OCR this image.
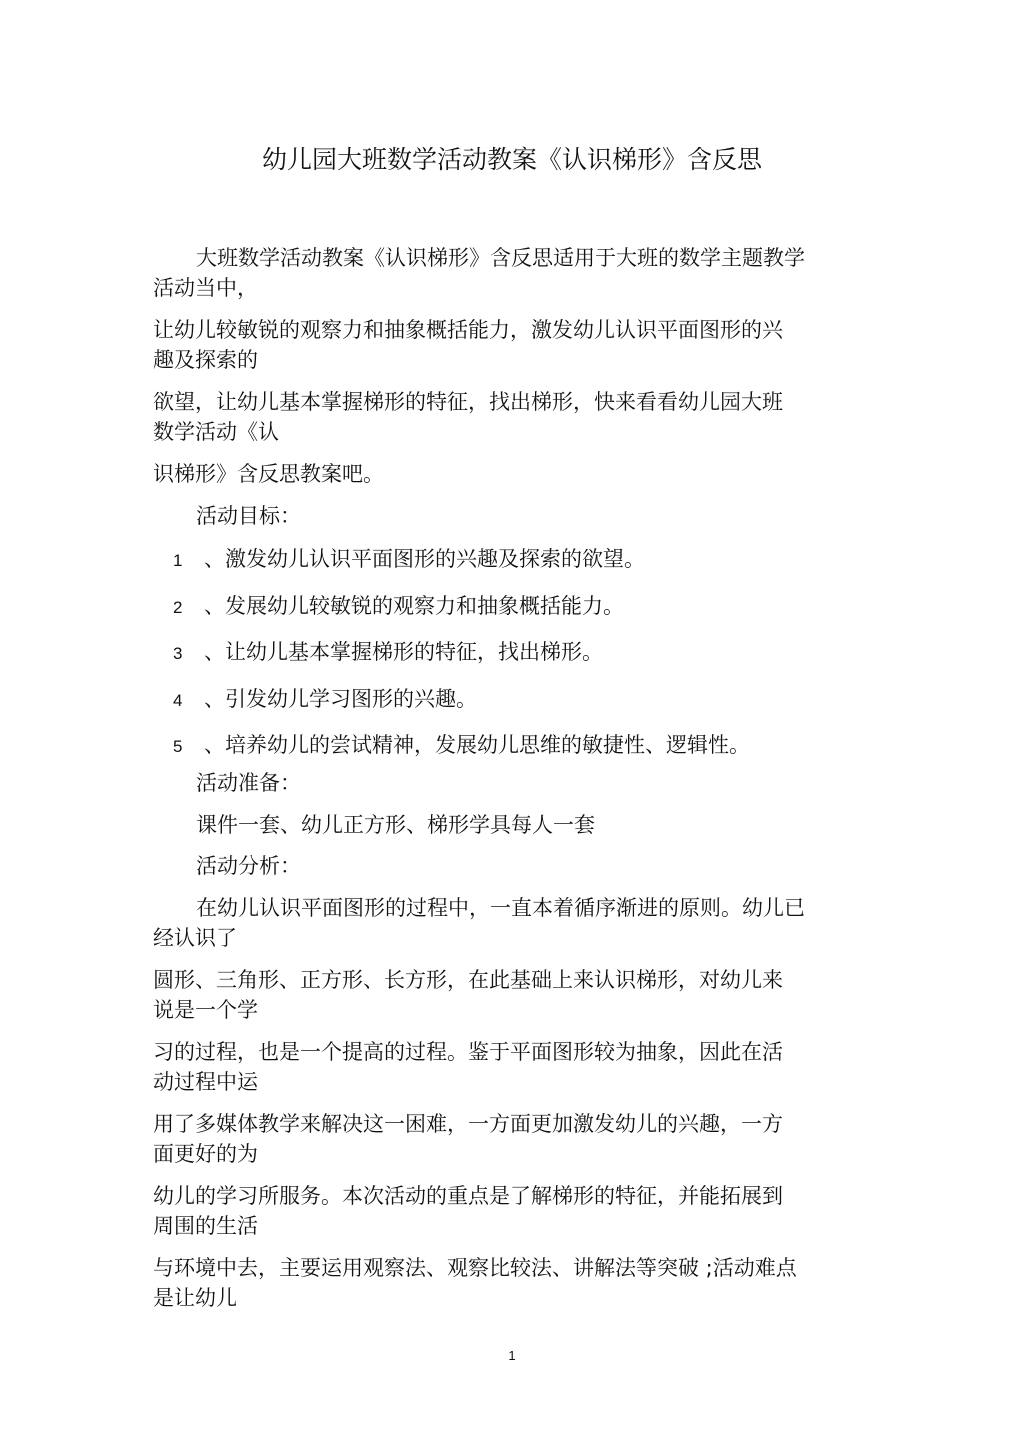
幼儿园大班数学活动教案《认识梯形》含反思

大班数学活动教案《认识梯形》含反思适用于大班的数学主题教学

活动当中，

让幼儿较敏锐的观察力和抽象概括能力，激发幼儿认识平面图形的兴

趣及探索的

欲望，让幼儿基本掌握梯形的特征，找出梯形，快来看看幼儿园大班

数学活动《认

识梯形》含反思教案吧。

活动目标：

1	、激发幼儿认识平面图形的兴趣及探索的欲望。
2	、发展幼儿较敏锐的观察力和抽象概括能力。
3	、让幼儿基本掌握梯形的特征，找出梯形。
4	、引发幼儿学习图形的兴趣。
5	、培养幼儿的尝试精神，发展幼儿思维的敏捷性、逻辑性。

活动准备：

课件一套、幼儿正方形、梯形学具每人一套

活动分析：

在幼儿认识平面图形的过程中，一直本着循序渐进的原则。幼儿已

经认识了

圆形、三角形、正方形、长方形，在此基础上来认识梯形，对幼儿来

说是一个学

习的过程，也是一个提高的过程。鉴于平面图形较为抽象，因此在活

动过程中运

用了多媒体教学来解决这一困难，一方面更加激发幼儿的兴趣，一方

面更好的为

幼儿的学习所服务。本次活动的重点是了解梯形的特征，并能拓展到

周围的生活

与环境中去，主要运用观察法、观察比较法、讲解法等突破 ;活动难点

是让幼儿

1
